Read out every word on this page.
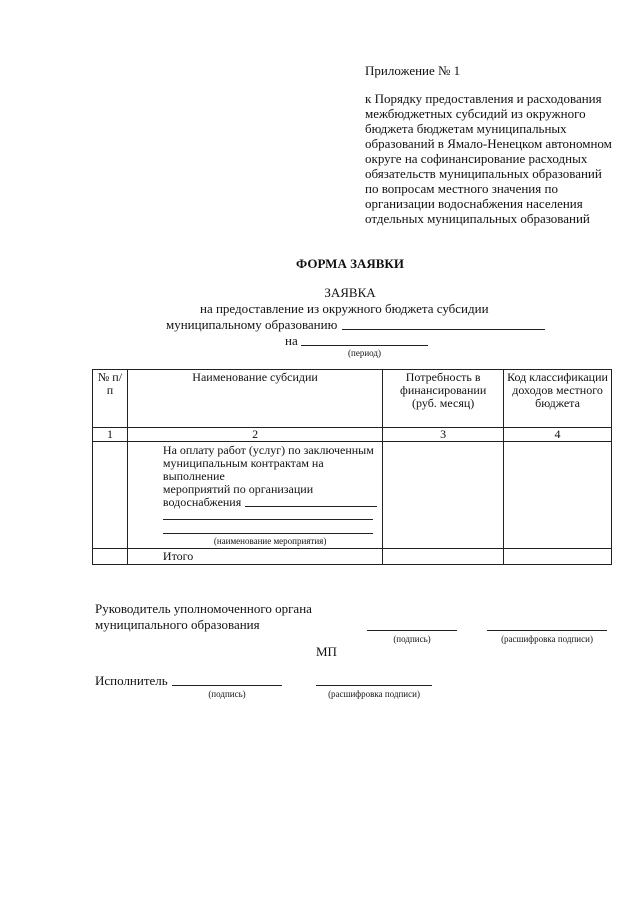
Приложение № 1
к Порядку предоставления и расходования
межбюджетных субсидий из окружного
бюджета бюджетам муниципальных
образований в Ямало-Ненецком автономном
округе на софинансирование расходных
обязательств муниципальных образований
по вопросам местного значения по
организации водоснабжения населения
отдельных муниципальных образований
ФОРМА ЗАЯВКИ
ЗАЯВКА
на предоставление из окружного бюджета субсидии
муниципальному образованию
на
(период)
№ п/п	Наименование субсидии	Потребность в финансировании (руб. месяц)	Код классификации доходов местного бюджета
1	2	3	4

	На оплату работ (услуг) по заключенным
муниципальным контрактам на выполнение
мероприятий по организации
водоснабжения
(наименование мероприятия)		

	Итого		
Руководитель уполномоченного органа
муниципального образования
(подпись)	(расшифровка подписи)
МП
Исполнитель
(подпись)	(расшифровка подписи)
